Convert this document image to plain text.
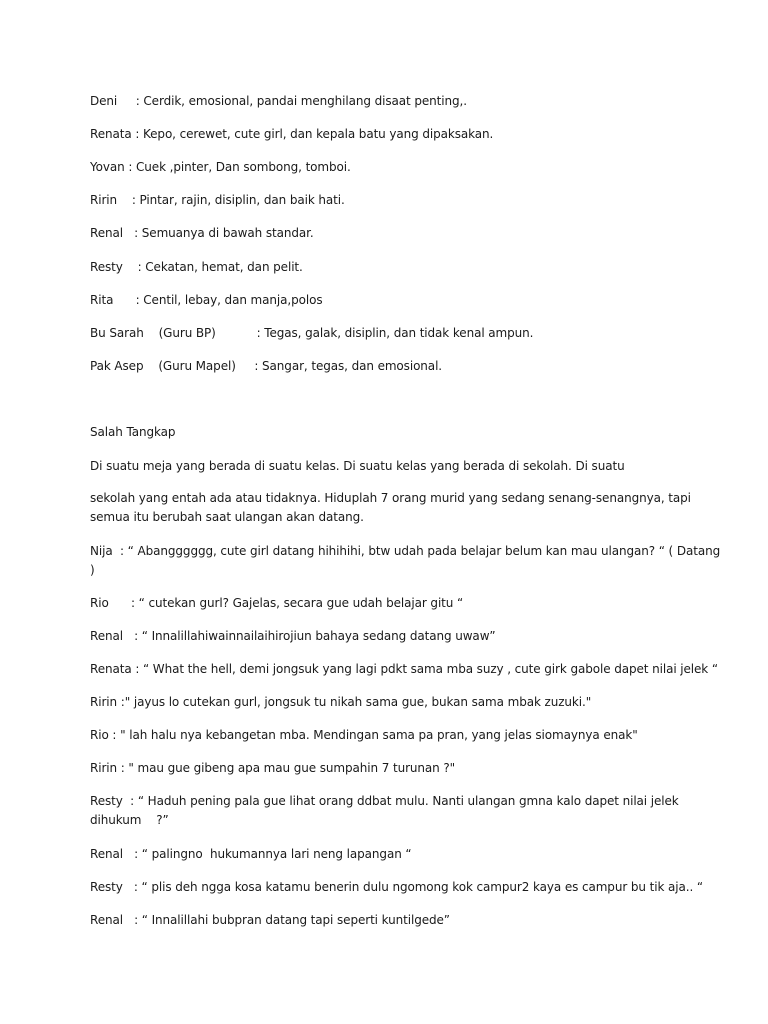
Deni     : Cerdik, emosional, pandai menghilang disaat penting,.
Renata : Kepo, cerewet, cute girl, dan kepala batu yang dipaksakan.
Yovan : Cuek ,pinter, Dan sombong, tomboi.
Ririn    : Pintar, rajin, disiplin, dan baik hati.
Renal   : Semuanya di bawah standar.
Resty    : Cekatan, hemat, dan pelit.
Rita      : Centil, lebay, dan manja,polos
Bu Sarah    (Guru BP)           : Tegas, galak, disiplin, dan tidak kenal ampun.
Pak Asep    (Guru Mapel)     : Sangar, tegas, dan emosional.
Salah Tangkap
Di suatu meja yang berada di suatu kelas. Di suatu kelas yang berada di sekolah. Di suatu
sekolah yang entah ada atau tidaknya. Hiduplah 7 orang murid yang sedang senang-senangnya, tapi
semua itu berubah saat ulangan akan datang.
Nija  : “ Abangggggg, cute girl datang hihihihi, btw udah pada belajar belum kan mau ulangan? “ ( Datang
)
Rio      : “ cutekan gurl? Gajelas, secara gue udah belajar gitu “
Renal   : “ Innalillahiwainnailaihirojiun bahaya sedang datang uwaw”
Renata : “ What the hell, demi jongsuk yang lagi pdkt sama mba suzy , cute girk gabole dapet nilai jelek “
Ririn :" jayus lo cutekan gurl, jongsuk tu nikah sama gue, bukan sama mbak zuzuki."
Rio : " lah halu nya kebangetan mba. Mendingan sama pa pran, yang jelas siomaynya enak"
Ririn : " mau gue gibeng apa mau gue sumpahin 7 turunan ?"
Resty  : “ Haduh pening pala gue lihat orang ddbat mulu. Nanti ulangan gmna kalo dapet nilai jelek
dihukum    ?”
Renal   : “ palingno  hukumannya lari neng lapangan “
Resty   : “ plis deh ngga kosa katamu benerin dulu ngomong kok campur2 kaya es campur bu tik aja.. “
Renal   : “ Innalillahi bubpran datang tapi seperti kuntilgede”
